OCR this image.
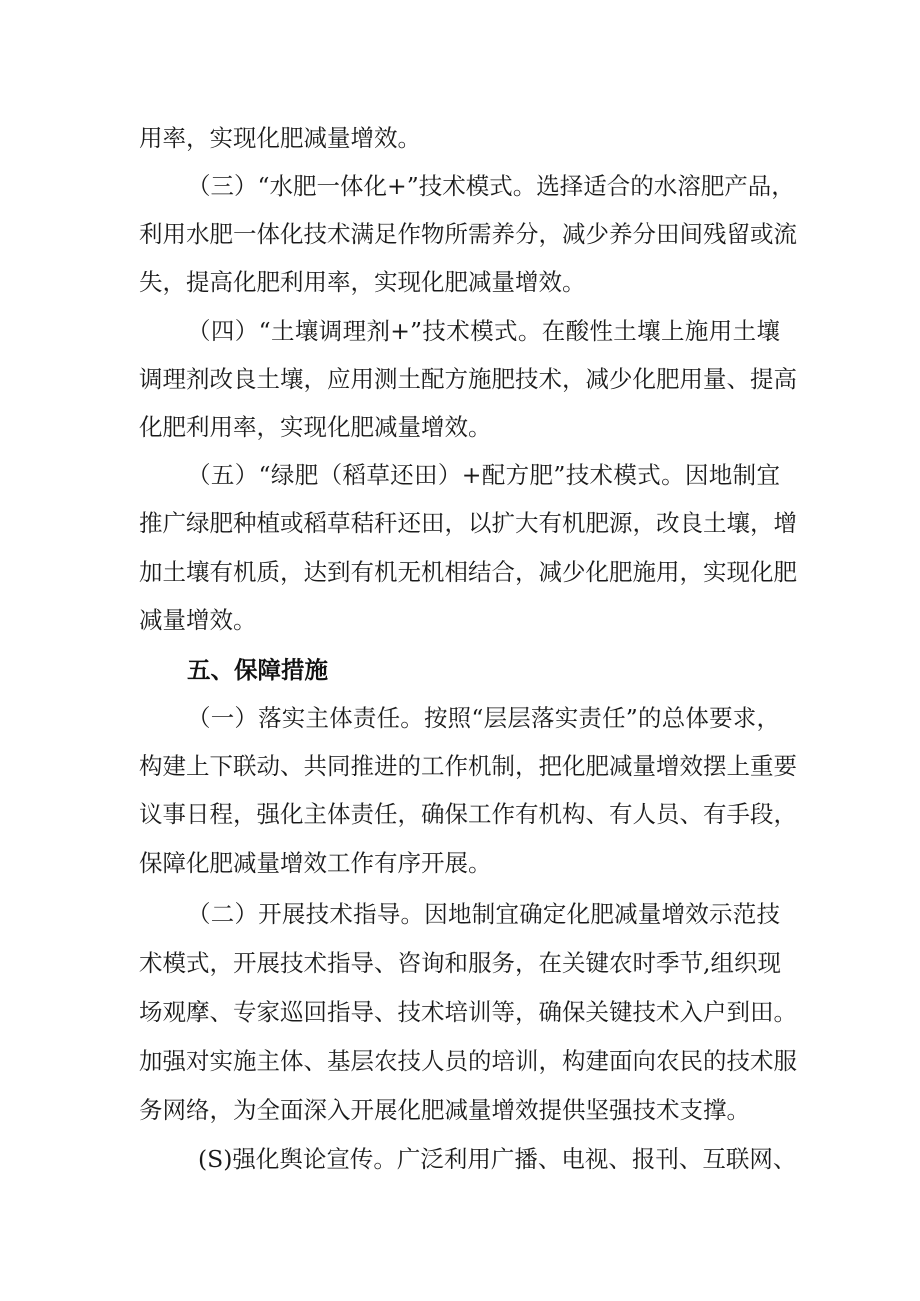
用率，实现化肥减量增效。

（三）“水肥一体化+”技术模式。选择适合的水溶肥产品，

利用水肥一体化技术满足作物所需养分，减少养分田间残留或流

失，提高化肥利用率，实现化肥减量增效。

（四）“土壤调理剂+”技术模式。在酸性土壤上施用土壤

调理剂改良土壤，应用测土配方施肥技术，减少化肥用量、提高

化肥利用率，实现化肥减量增效。

（五）“绿肥（稻草还田）+配方肥”技术模式。因地制宜

推广绿肥种植或稻草秸秆还田，以扩大有机肥源，改良土壤，增

加土壤有机质，达到有机无机相结合，减少化肥施用，实现化肥

减量增效。

五、保障措施

（一）落实主体责任。按照“层层落实责任”的总体要求，

构建上下联动、共同推进的工作机制，把化肥减量增效摆上重要

议事日程，强化主体责任，确保工作有机构、有人员、有手段，

保障化肥减量增效工作有序开展。

（二）开展技术指导。因地制宜确定化肥减量增效示范技

术模式，开展技术指导、咨询和服务，在关键农时季节,组织现

场观摩、专家巡回指导、技术培训等，确保关键技术入户到田。

加强对实施主体、基层农技人员的培训，构建面向农民的技术服

务网络，为全面深入开展化肥减量增效提供坚强技术支撑。

(S)强化舆论宣传。广泛利用广播、电视、报刊、互联网、
